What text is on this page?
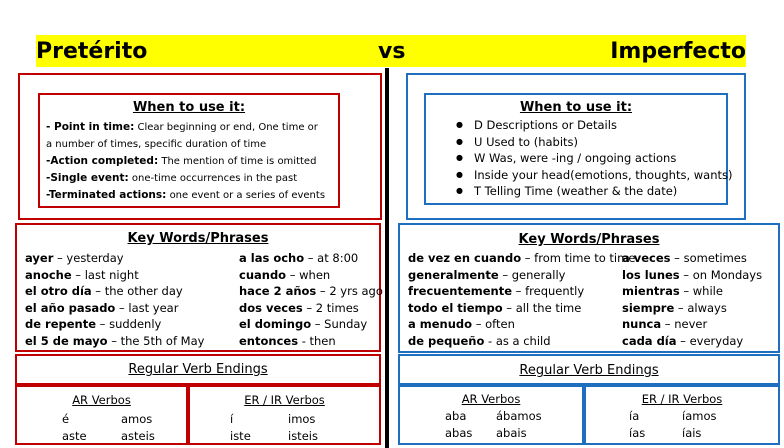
Pretérito	vs	Imperfecto
When to use it:
- Point in time: Clear beginning or end, One time or
a number of times, specific duration of time
-Action completed: The mention of time is omitted
-Single event: one-time occurrences in the past
-Terminated actions: one event or a series of events
Key Words/Phrases
ayer – yesterday
anoche – last night
el otro día – the other day
el año pasado – last year
de repente – suddenly
el 5 de mayo – the 5th of May
a las ocho – at 8:00
cuando – when
hace 2 años – 2 yrs ago
dos veces – 2 times
el domingo – Sunday
entonces - then
Regular Verb Endings
AR Verbos
é
aste
amos
asteis
ER / IR Verbos
í
iste
imos
isteis
When to use it:
● D Descriptions or Details
● U Used to (habits)
● W Was, were -ing / ongoing actions
● Inside your head(emotions, thoughts, wants)
● T Telling Time (weather & the date)
Key Words/Phrases
de vez en cuando – from time to time
generalmente – generally
frecuentemente – frequently
todo el tiempo – all the time
a menudo – often
de pequeño - as a child
a veces – sometimes
los lunes – on Mondays
mientras – while
siempre – always
nunca – never
cada día – everyday
Regular Verb Endings
AR Verbos
aba
abas
ábamos
abais
ER / IR Verbos
ía
ías
íamos
íais
